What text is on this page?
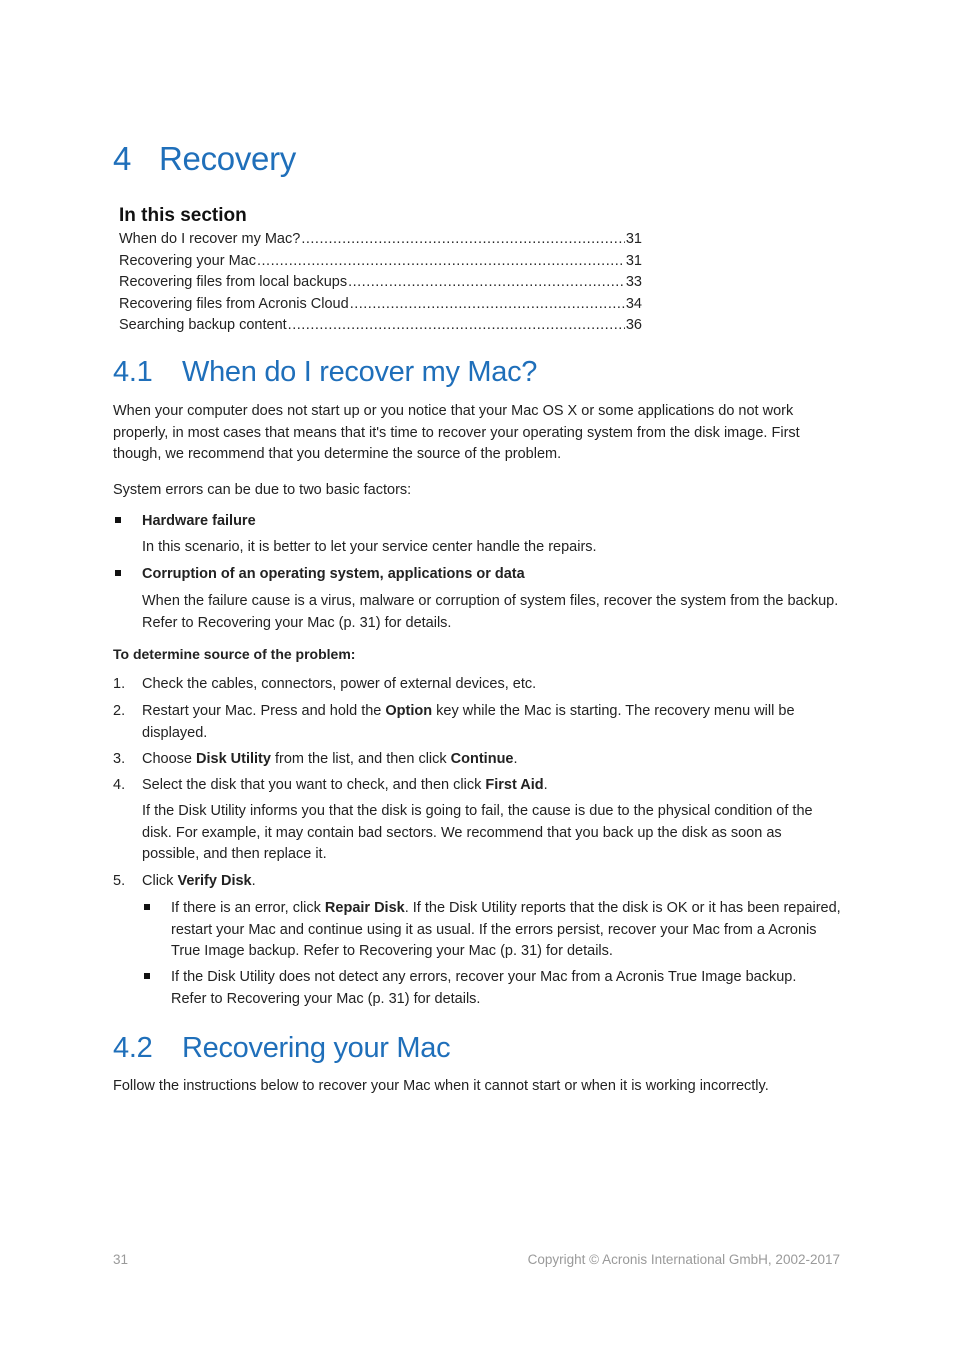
4 Recovery
In this section
When do I recover my Mac? .....	31
Recovering your Mac .....	31
Recovering files from local backups .....	33
Recovering files from Acronis Cloud .....	34
Searching backup content .....	36
4.1 When do I recover my Mac?
When your computer does not start up or you notice that your Mac OS X or some applications do not work properly, in most cases that means that it's time to recover your operating system from the disk image. First though, we recommend that you determine the source of the problem.
System errors can be due to two basic factors:
Hardware failure
In this scenario, it is better to let your service center handle the repairs.
Corruption of an operating system, applications or data
When the failure cause is a virus, malware or corruption of system files, recover the system from the backup. Refer to Recovering your Mac (p. 31) for details.
To determine source of the problem:
1. Check the cables, connectors, power of external devices, etc.
2. Restart your Mac. Press and hold the Option key while the Mac is starting. The recovery menu will be displayed.
3. Choose Disk Utility from the list, and then click Continue.
4. Select the disk that you want to check, and then click First Aid.
If the Disk Utility informs you that the disk is going to fail, the cause is due to the physical condition of the disk. For example, it may contain bad sectors. We recommend that you back up the disk as soon as possible, and then replace it.
5. Click Verify Disk.
If there is an error, click Repair Disk. If the Disk Utility reports that the disk is OK or it has been repaired, restart your Mac and continue using it as usual. If the errors persist, recover your Mac from a Acronis True Image backup. Refer to Recovering your Mac (p. 31) for details.
If the Disk Utility does not detect any errors, recover your Mac from a Acronis True Image backup. Refer to Recovering your Mac (p. 31) for details.
4.2 Recovering your Mac
Follow the instructions below to recover your Mac when it cannot start or when it is working incorrectly.
31	Copyright © Acronis International GmbH, 2002-2017
